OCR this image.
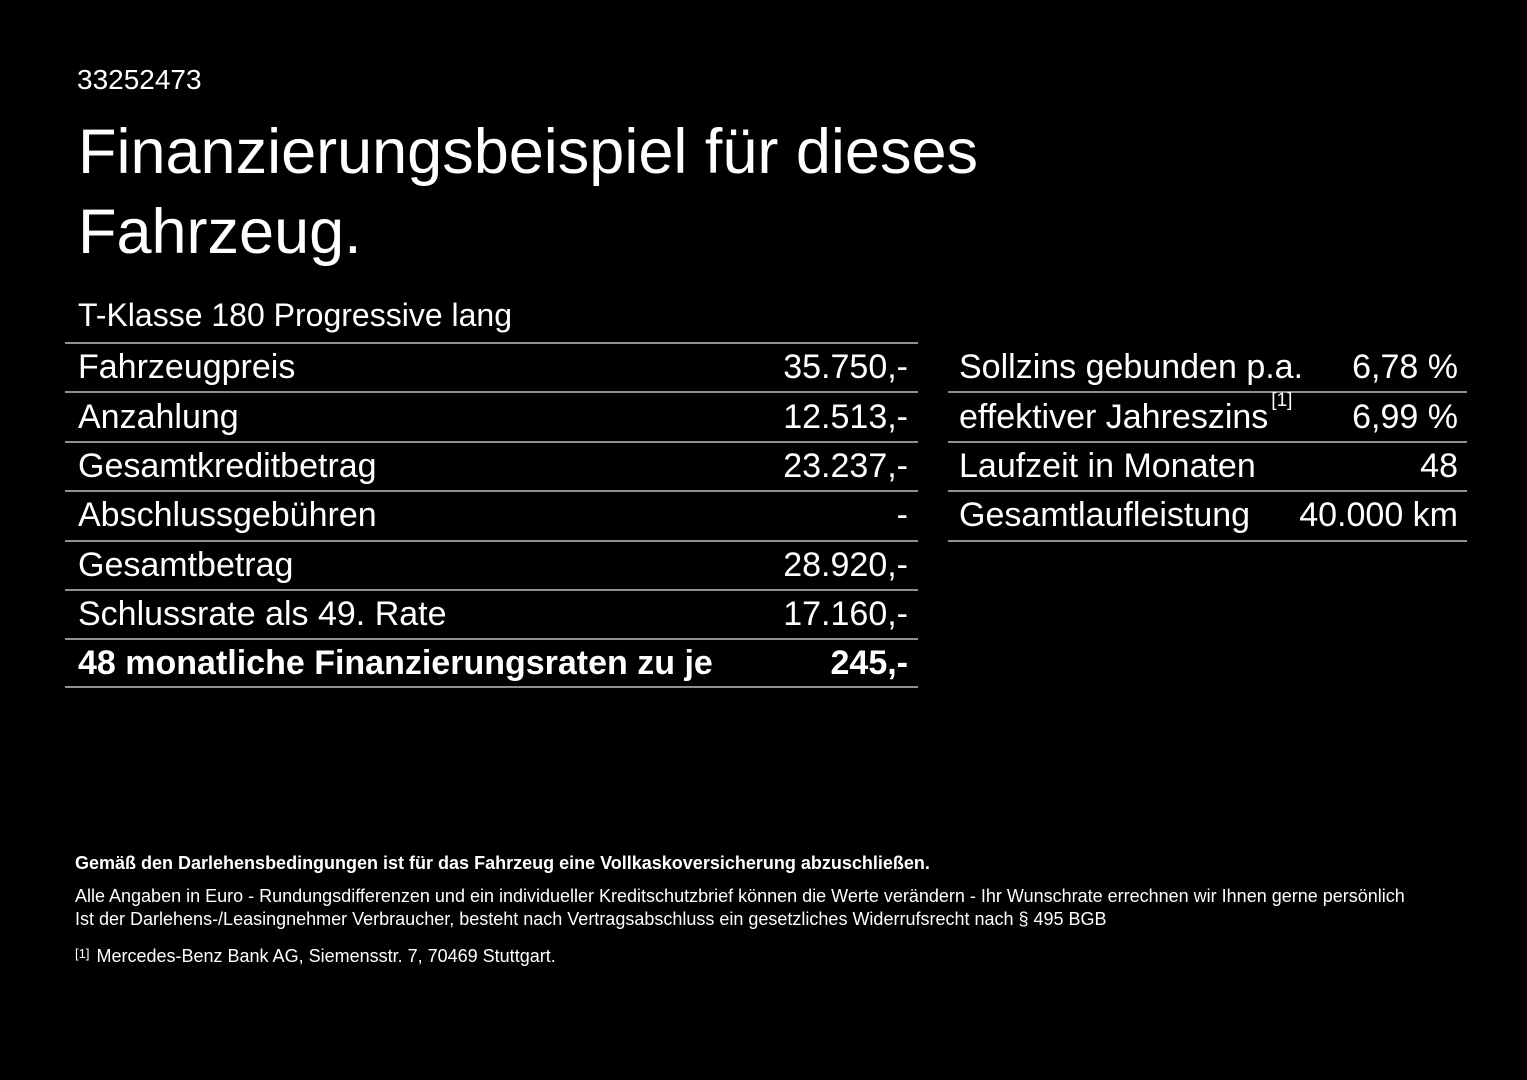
33252473
Finanzierungsbeispiel für dieses Fahrzeug.
T-Klasse 180 Progressive lang
Fahrzeugpreis	35.750,-
Anzahlung	12.513,-
Gesamtkreditbetrag	23.237,-
Abschlussgebühren	-
Gesamtbetrag	28.920,-
Schlussrate als 49. Rate	17.160,-
48 monatliche Finanzierungsraten zu je	245,-
Sollzins gebunden p.a. 6,78 %
effektiver Jahreszins [1] 6,99 %
Laufzeit in Monaten	48
Gesamtlaufleistung 40.000 km

Gemäß den Darlehensbedingungen ist für das Fahrzeug eine Vollkaskoversicherung abzuschließen.

Alle Angaben in Euro - Rundungsdifferenzen und ein individueller Kreditschutzbrief können die Werte verändern - Ihr Wunschrate errechnen wir Ihnen gerne persönlich

Ist der Darlehens-/Leasingnehmer Verbraucher, besteht nach Vertragsabschluss ein gesetzliches Widerrufsrecht nach § 495 BGB

[1] Mercedes-Benz Bank AG, Siemensstr. 7, 70469 Stuttgart.
